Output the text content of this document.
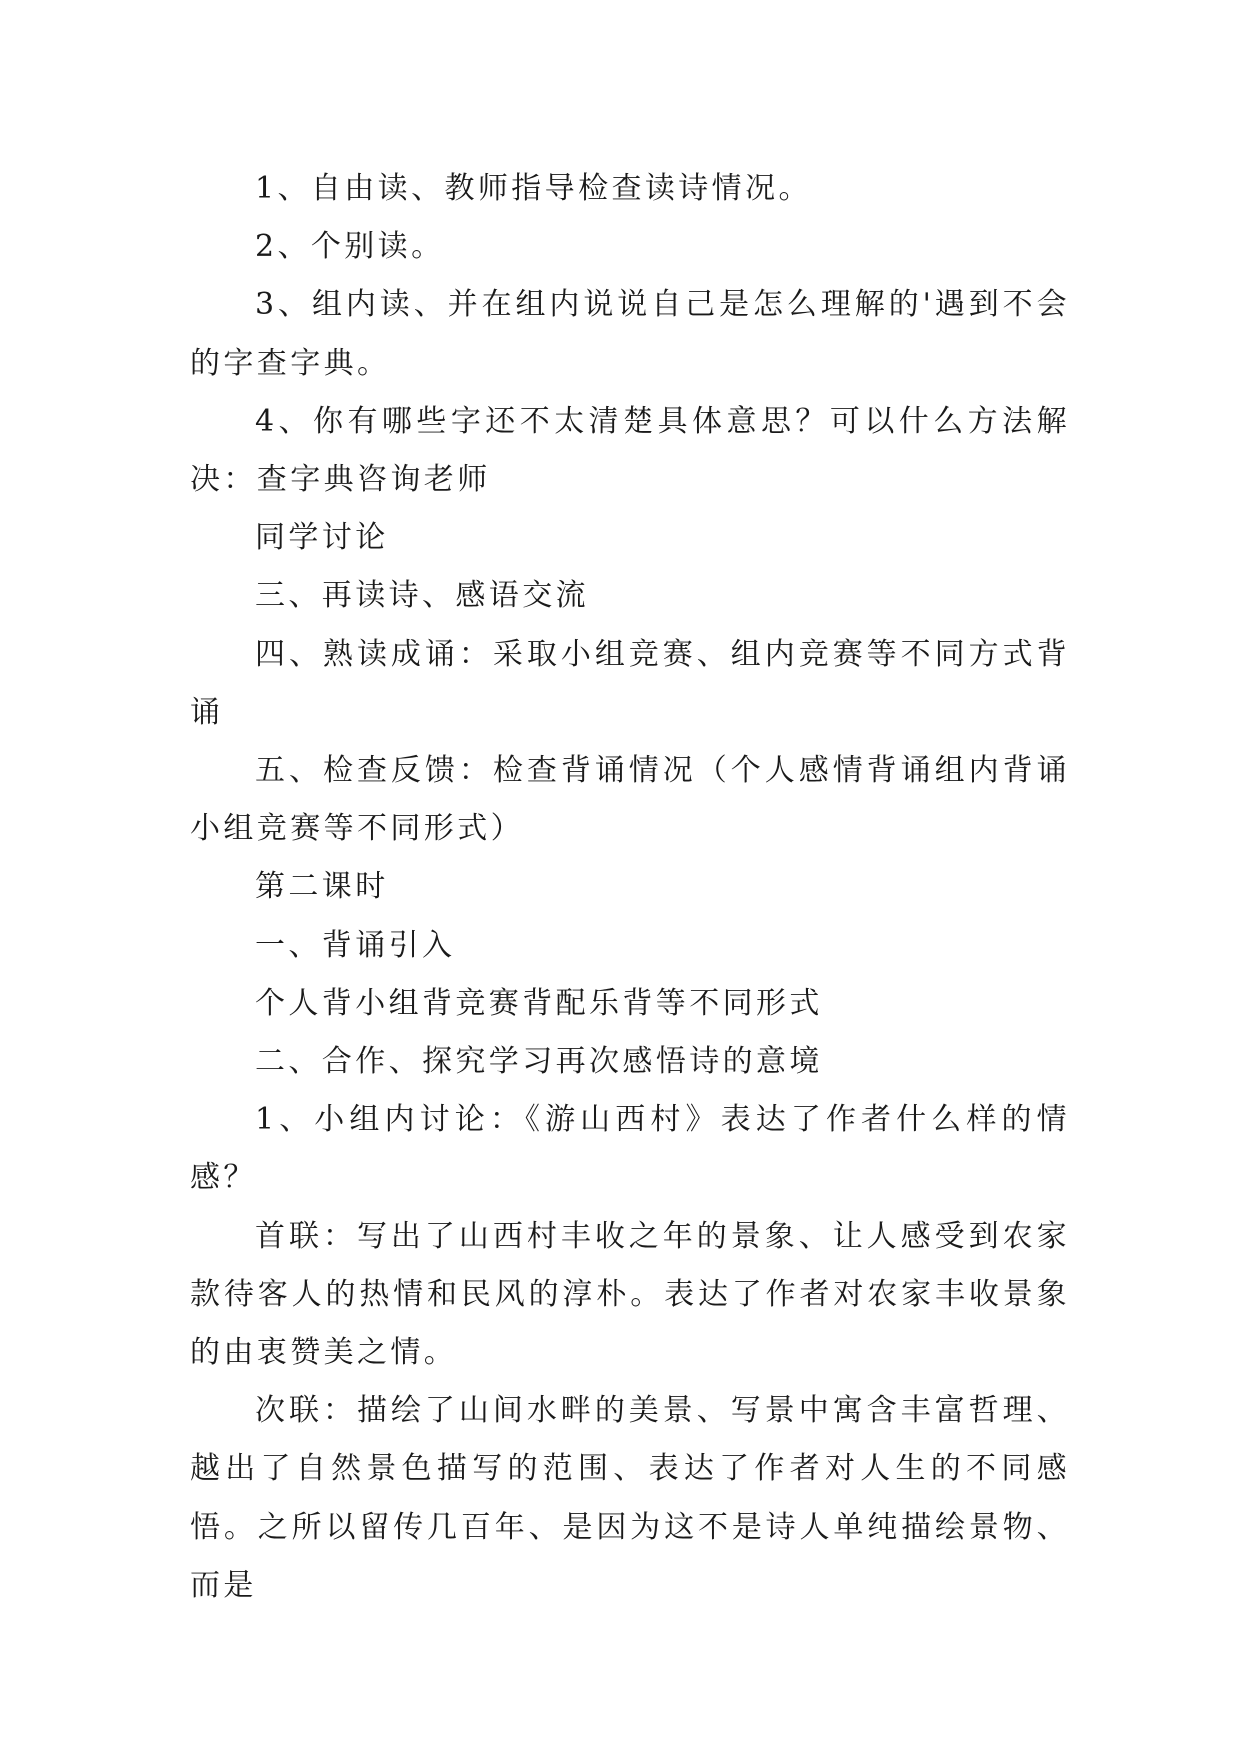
1、自由读、教师指导检查读诗情况。

2、个别读。

3、组内读、并在组内说说自己是怎么理解的'遇到不会的字查字典。

4、你有哪些字还不太清楚具体意思？可以什么方法解决：查字典咨询老师

同学讨论

三、再读诗、感语交流

四、熟读成诵：采取小组竞赛、组内竞赛等不同方式背诵

五、检查反馈：检查背诵情况（个人感情背诵组内背诵小组竞赛等不同形式）

第二课时

一、背诵引入

个人背小组背竞赛背配乐背等不同形式

二、合作、探究学习再次感悟诗的意境

1、小组内讨论：《游山西村》表达了作者什么样的情感？

首联：写出了山西村丰收之年的景象、让人感受到农家款待客人的热情和民风的淳朴。表达了作者对农家丰收景象的由衷赞美之情。

次联：描绘了山间水畔的美景、写景中寓含丰富哲理、越出了自然景色描写的范围、表达了作者对人生的不同感悟。之所以留传几百年、是因为这不是诗人单纯描绘景物、而是
